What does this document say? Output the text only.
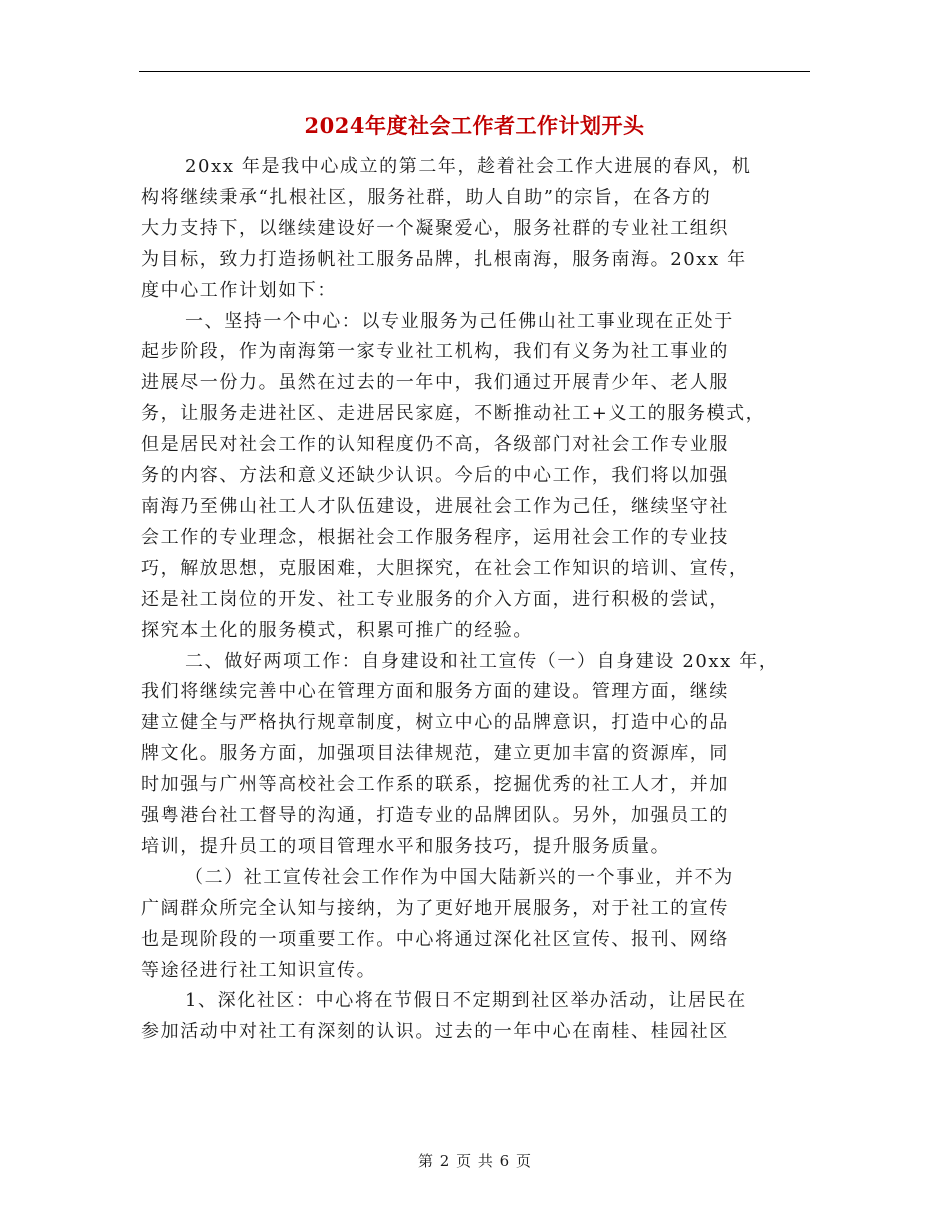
2024年度社会工作者工作计划开头
20xx 年是我中心成立的第二年，趁着社会工作大进展的春风，机
构将继续秉承“扎根社区，服务社群，助人自助”的宗旨，在各方的
大力支持下，以继续建设好一个凝聚爱心，服务社群的专业社工组织
为目标，致力打造扬帆社工服务品牌，扎根南海，服务南海。20xx 年
度中心工作计划如下：
一、坚持一个中心：以专业服务为己任佛山社工事业现在正处于
起步阶段，作为南海第一家专业社工机构，我们有义务为社工事业的
进展尽一份力。虽然在过去的一年中，我们通过开展青少年、老人服
务，让服务走进社区、走进居民家庭，不断推动社工+义工的服务模式，
但是居民对社会工作的认知程度仍不高，各级部门对社会工作专业服
务的内容、方法和意义还缺少认识。今后的中心工作，我们将以加强
南海乃至佛山社工人才队伍建设，进展社会工作为己任，继续坚守社
会工作的专业理念，根据社会工作服务程序，运用社会工作的专业技
巧，解放思想，克服困难，大胆探究，在社会工作知识的培训、宣传，
还是社工岗位的开发、社工专业服务的介入方面，进行积极的尝试，
探究本土化的服务模式，积累可推广的经验。
二、做好两项工作：自身建设和社工宣传（一）自身建设 20xx 年，
我们将继续完善中心在管理方面和服务方面的建设。管理方面，继续
建立健全与严格执行规章制度，树立中心的品牌意识，打造中心的品
牌文化。服务方面，加强项目法律规范，建立更加丰富的资源库，同
时加强与广州等高校社会工作系的联系，挖掘优秀的社工人才，并加
强粤港台社工督导的沟通，打造专业的品牌团队。另外，加强员工的
培训，提升员工的项目管理水平和服务技巧，提升服务质量。
（二）社工宣传社会工作作为中国大陆新兴的一个事业，并不为
广阔群众所完全认知与接纳，为了更好地开展服务，对于社工的宣传
也是现阶段的一项重要工作。中心将通过深化社区宣传、报刊、网络
等途径进行社工知识宣传。
1、深化社区：中心将在节假日不定期到社区举办活动，让居民在
参加活动中对社工有深刻的认识。过去的一年中心在南桂、桂园社区
第 2 页 共 6 页
